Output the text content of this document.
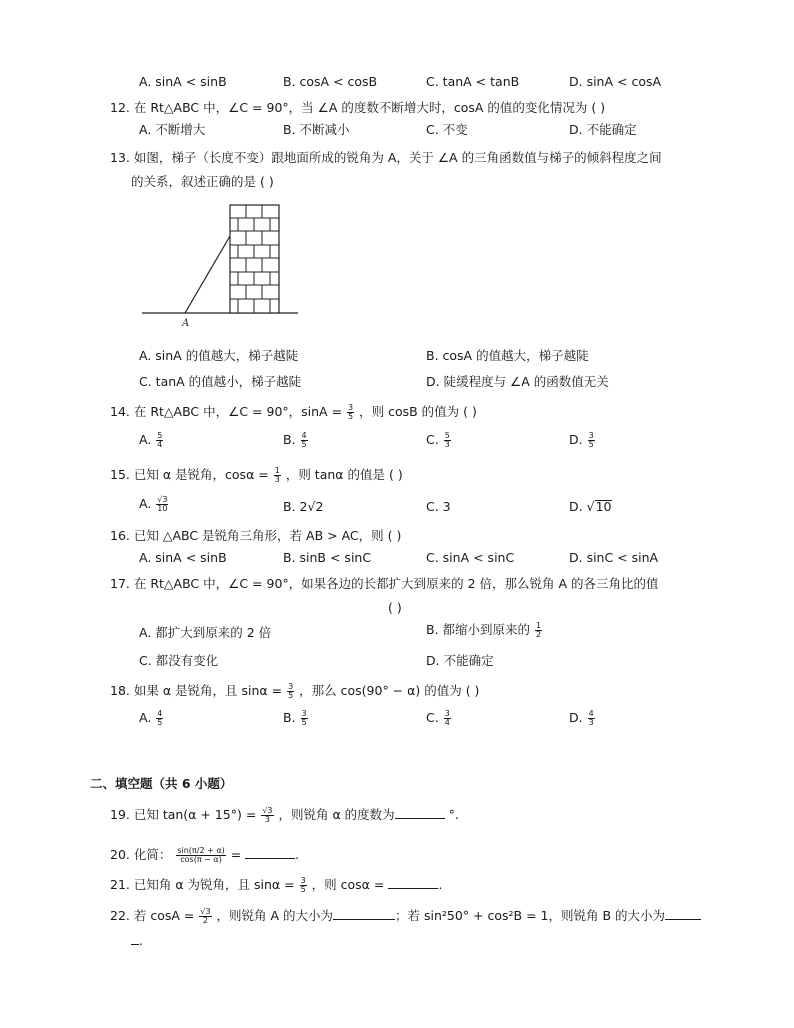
A. sinA < sinB	B. cosA < cosB	C. tanA < tanB	D. sinA < cosA
12. 在 Rt△ABC 中，∠C = 90°，当 ∠A 的度数不断增大时，cosA 的值的变化情况为 ( )
A. 不断增大	B. 不断减小	C. 不变	D. 不能确定
13. 如图，梯子（长度不变）跟地面所成的锐角为 A，关于 ∠A 的三角函数值与梯子的倾斜程度之间
的关系，叙述正确的是 ( )
A
A. sinA 的值越大，梯子越陡	B. cosA 的值越大，梯子越陡
C. tanA 的值越小，梯子越陡	D. 陡缓程度与 ∠A 的函数值无关
14. 在 Rt△ABC 中，∠C = 90°，$\sin A = \frac{3}{5}$ ，则 cosB 的值为 ( )
A. $\frac{5}{4}$	B. $\frac{4}{5}$	C. $\frac{5}{3}$	D. $\frac{3}{5}$
15. 已知 α 是锐角，$\cos\alpha = \frac{1}{3}$ ，则 tanα 的值是 ( )
A. $\frac{√3}{10}$	B. 2√2	C. 3	D. √10
16. 已知 △ABC 是锐角三角形，若 AB > AC，则 ( )
A. sinA < sinB	B. sinB < sinC	C. sinA < sinC	D. sinC < sinA
17. 在 Rt△ABC 中，∠C = 90°，如果各边的长都扩大到原来的 2 倍，那么锐角 A 的各三角比的值
( )
A. 都扩大到原来的 2 倍	B. 都缩小到原来的 $\frac{1}{2}$
C. 都没有变化	D. 不能确定
18. 如果 α 是锐角，且 $\sin\alpha = \frac{3}{5}$ ，那么 cos(90° − α) 的值为 ( )
A. $\frac{4}{5}$	B. $\frac{3}{5}$	C. $\frac{3}{4}$	D. $\frac{4}{3}$
二、填空题（共 6 小题）
19. 已知 $\tan(\alpha + 15^\circ) = \frac{√3}{3}$ ，则锐角 α 的度数为	°.
20. 化简： $\frac{\sin(\pi/2 + \alpha)}{\cos(\pi - \alpha)}$ =	.
21. 已知角 α 为锐角，且 $\sin\alpha = \frac{3}{5}$ ，则 cosα =	.
22. 若 $\cos A = \frac{√3}{2}$ ，则锐角 A 的大小为	；若 sin²50° + cos²B = 1，则锐角 B 的大小为
.
